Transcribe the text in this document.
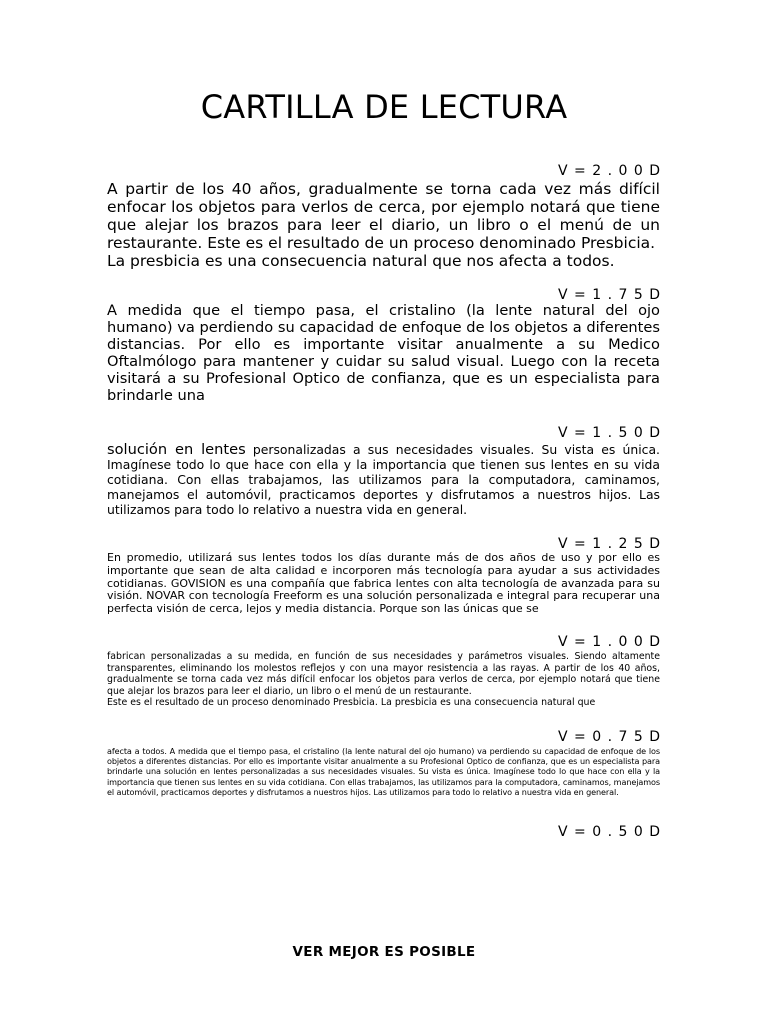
CARTILLA DE LECTURA
V = 2 . 0 0 D

A partir de los 40 años, gradualmente se torna cada vez más difícil enfocar los objetos para verlos de cerca, por ejemplo notará que tiene que alejar los brazos para leer el diario, un libro o el menú de un restaurante. Este es el resultado de un proceso denominado Presbicia.
La presbicia es una consecuencia natural que nos afecta a todos.

V = 1 . 7 5 D

A medida que el tiempo pasa, el cristalino (la lente natural del ojo humano) va perdiendo su capacidad de enfoque de los objetos a diferentes distancias. Por ello es importante visitar anualmente a su Medico Oftalmólogo para mantener y cuidar su salud visual. Luego con la receta visitará a su Profesional Optico de confianza, que es un especialista para brindarle una

V = 1 . 5 0 D

solución en lentes personalizadas a sus necesidades visuales. Su vista es única. Imagínese todo lo que hace con ella y la importancia que tienen sus lentes en su vida cotidiana. Con ellas trabajamos, las utilizamos para la computadora, caminamos, manejamos el automóvil, practicamos deportes y disfrutamos a nuestros hijos. Las utilizamos para todo lo relativo a nuestra vida en general.

V = 1 . 2 5 D

En promedio, utilizará sus lentes todos los días durante más de dos años de uso y por ello es importante que sean de alta calidad e incorporen más tecnología para ayudar a sus actividades cotidianas. GOVISION es una compañía que fabrica lentes con alta tecnología de avanzada para su visión. NOVAR con tecnología Freeform es una solución personalizada e integral para recuperar una perfecta visión de cerca, lejos y media distancia. Porque son las únicas que se

V = 1 . 0 0 D

fabrican personalizadas a su medida, en función de sus necesidades y parámetros visuales. Siendo altamente transparentes, eliminando los molestos reflejos y con una mayor resistencia a las rayas. A partir de los 40 años, gradualmente se torna cada vez más difícil enfocar los objetos para verlos de cerca, por ejemplo notará que tiene que alejar los brazos para leer el diario, un libro o el menú de un restaurante.
Este es el resultado de un proceso denominado Presbicia. La presbicia es una consecuencia natural que

V = 0 . 7 5 D

afecta a todos. A medida que el tiempo pasa, el cristalino (la lente natural del ojo humano) va perdiendo su capacidad de enfoque de los objetos a diferentes distancias. Por ello es importante visitar anualmente a su Profesional Optico de confianza, que es un especialista para brindarle una solución en lentes personalizadas a sus necesidades visuales. Su vista es única. Imagínese todo lo que hace con ella y la importancia que tienen sus lentes en su vida cotidiana. Con ellas trabajamos, las utilizamos para la computadora, caminamos, manejamos el automóvil, practicamos deportes y disfrutamos a nuestros hijos. Las utilizamos para todo lo relativo a nuestra vida en general.

V = 0 . 5 0 D
VER MEJOR ES POSIBLE
